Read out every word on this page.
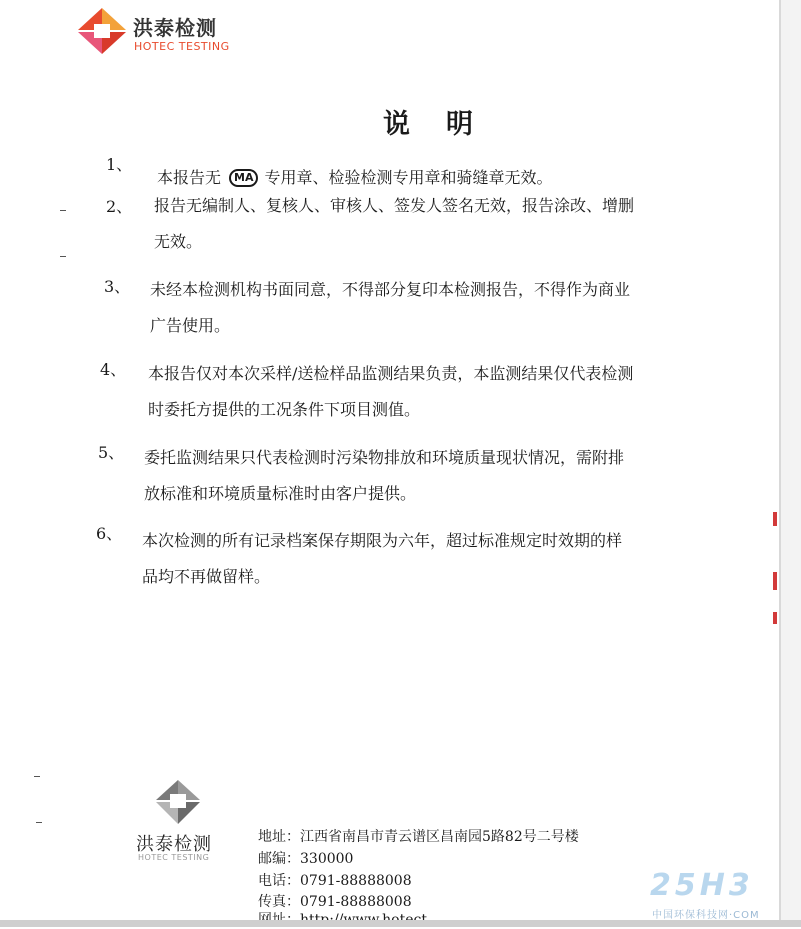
洪泰检测
HOTEC TESTING
说明
1、
本报告无 MA 专用章、检验检测专用章和骑缝章无效。
2、 报告无编制人、复核人、审核人、签发人签名无效，报告涂改、增删
无效。
3、 未经本检测机构书面同意，不得部分复印本检测报告，不得作为商业
广告使用。
4、 本报告仅对本次采样/送检样品监测结果负责，本监测结果仅代表检测
时委托方提供的工况条件下项目测值。
5、 委托监测结果只代表检测时污染物排放和环境质量现状情况，需附排
放标准和环境质量标准时由客户提供。
6、 本次检测的所有记录档案保存期限为六年，超过标准规定时效期的样
品均不再做留样。
洪泰检测
HOTEC TESTING
地址：江西省南昌市青云谱区昌南园5路82号二号楼
邮编：330000
电话：0791-88888008
传真：0791-88888008	25H3
中国环保科技网·COM
